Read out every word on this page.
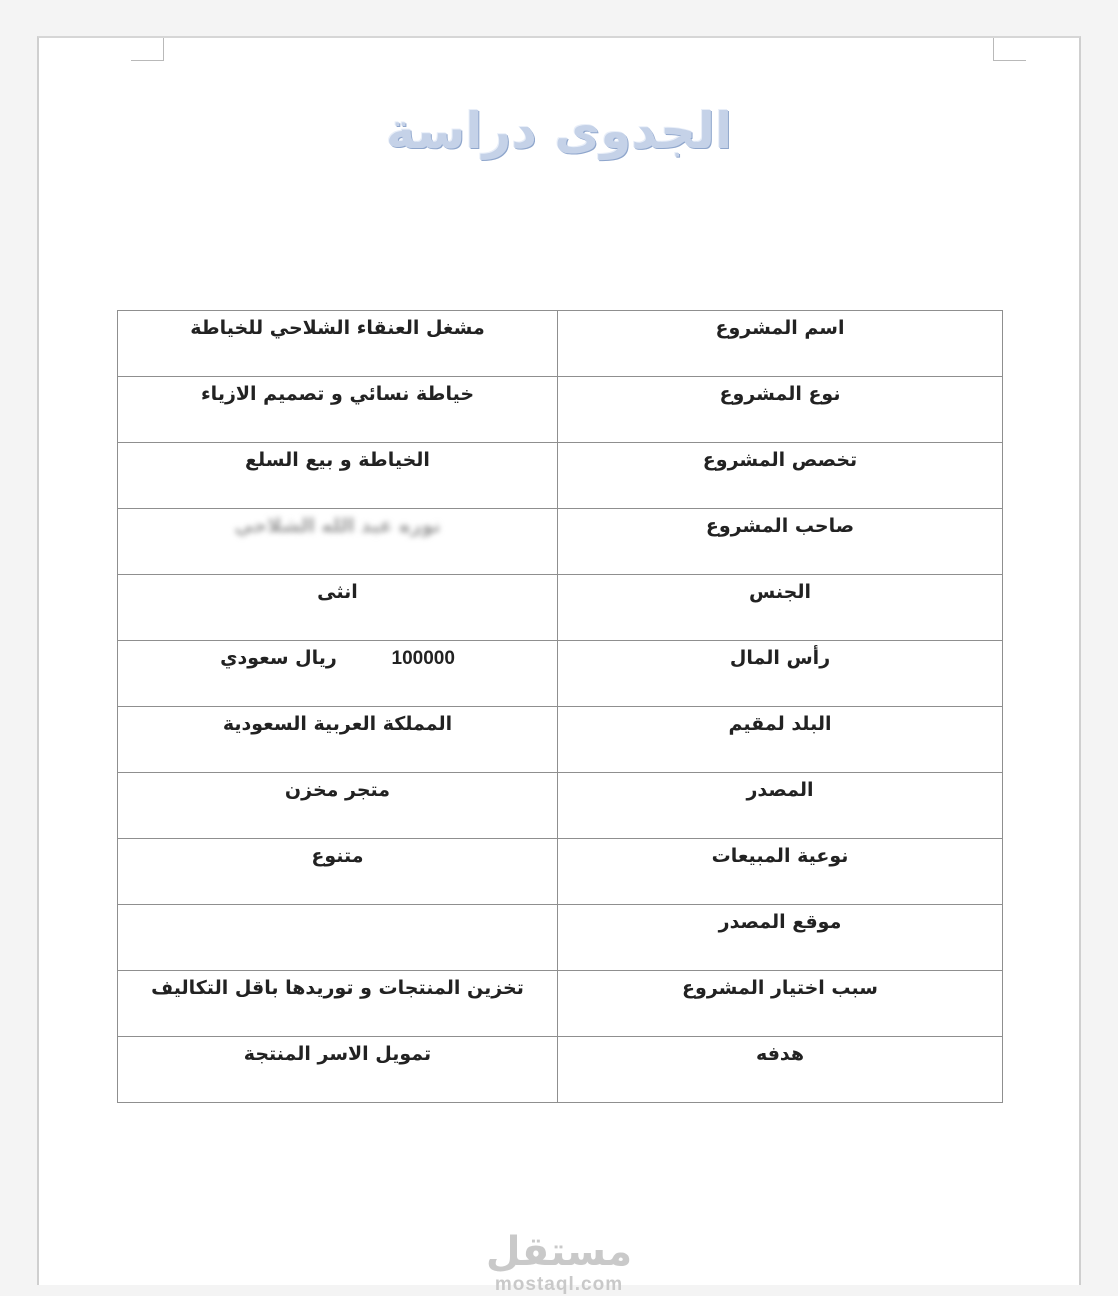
الجدوى دراسة
اسم المشروع	مشغل العنقاء الشلاحي للخياطة
نوع المشروع	خياطة نسائي و تصميم الازياء
تخصص المشروع	الخياطة و بيع السلع
صاحب المشروع	نوره عبد الله الشلاحي
الجنس	انثى
رأس المال	100000 ريال سعودي
البلد لمقيم	المملكة العربية السعودية
المصدر	متجر مخزن
نوعية المبيعات	متنوع
موقع المصدر	
سبب اختيار المشروع	تخزين المنتجات و توريدها باقل التكاليف
هدفه	تمويل الاسر المنتجة
مستقل
mostaql.com
